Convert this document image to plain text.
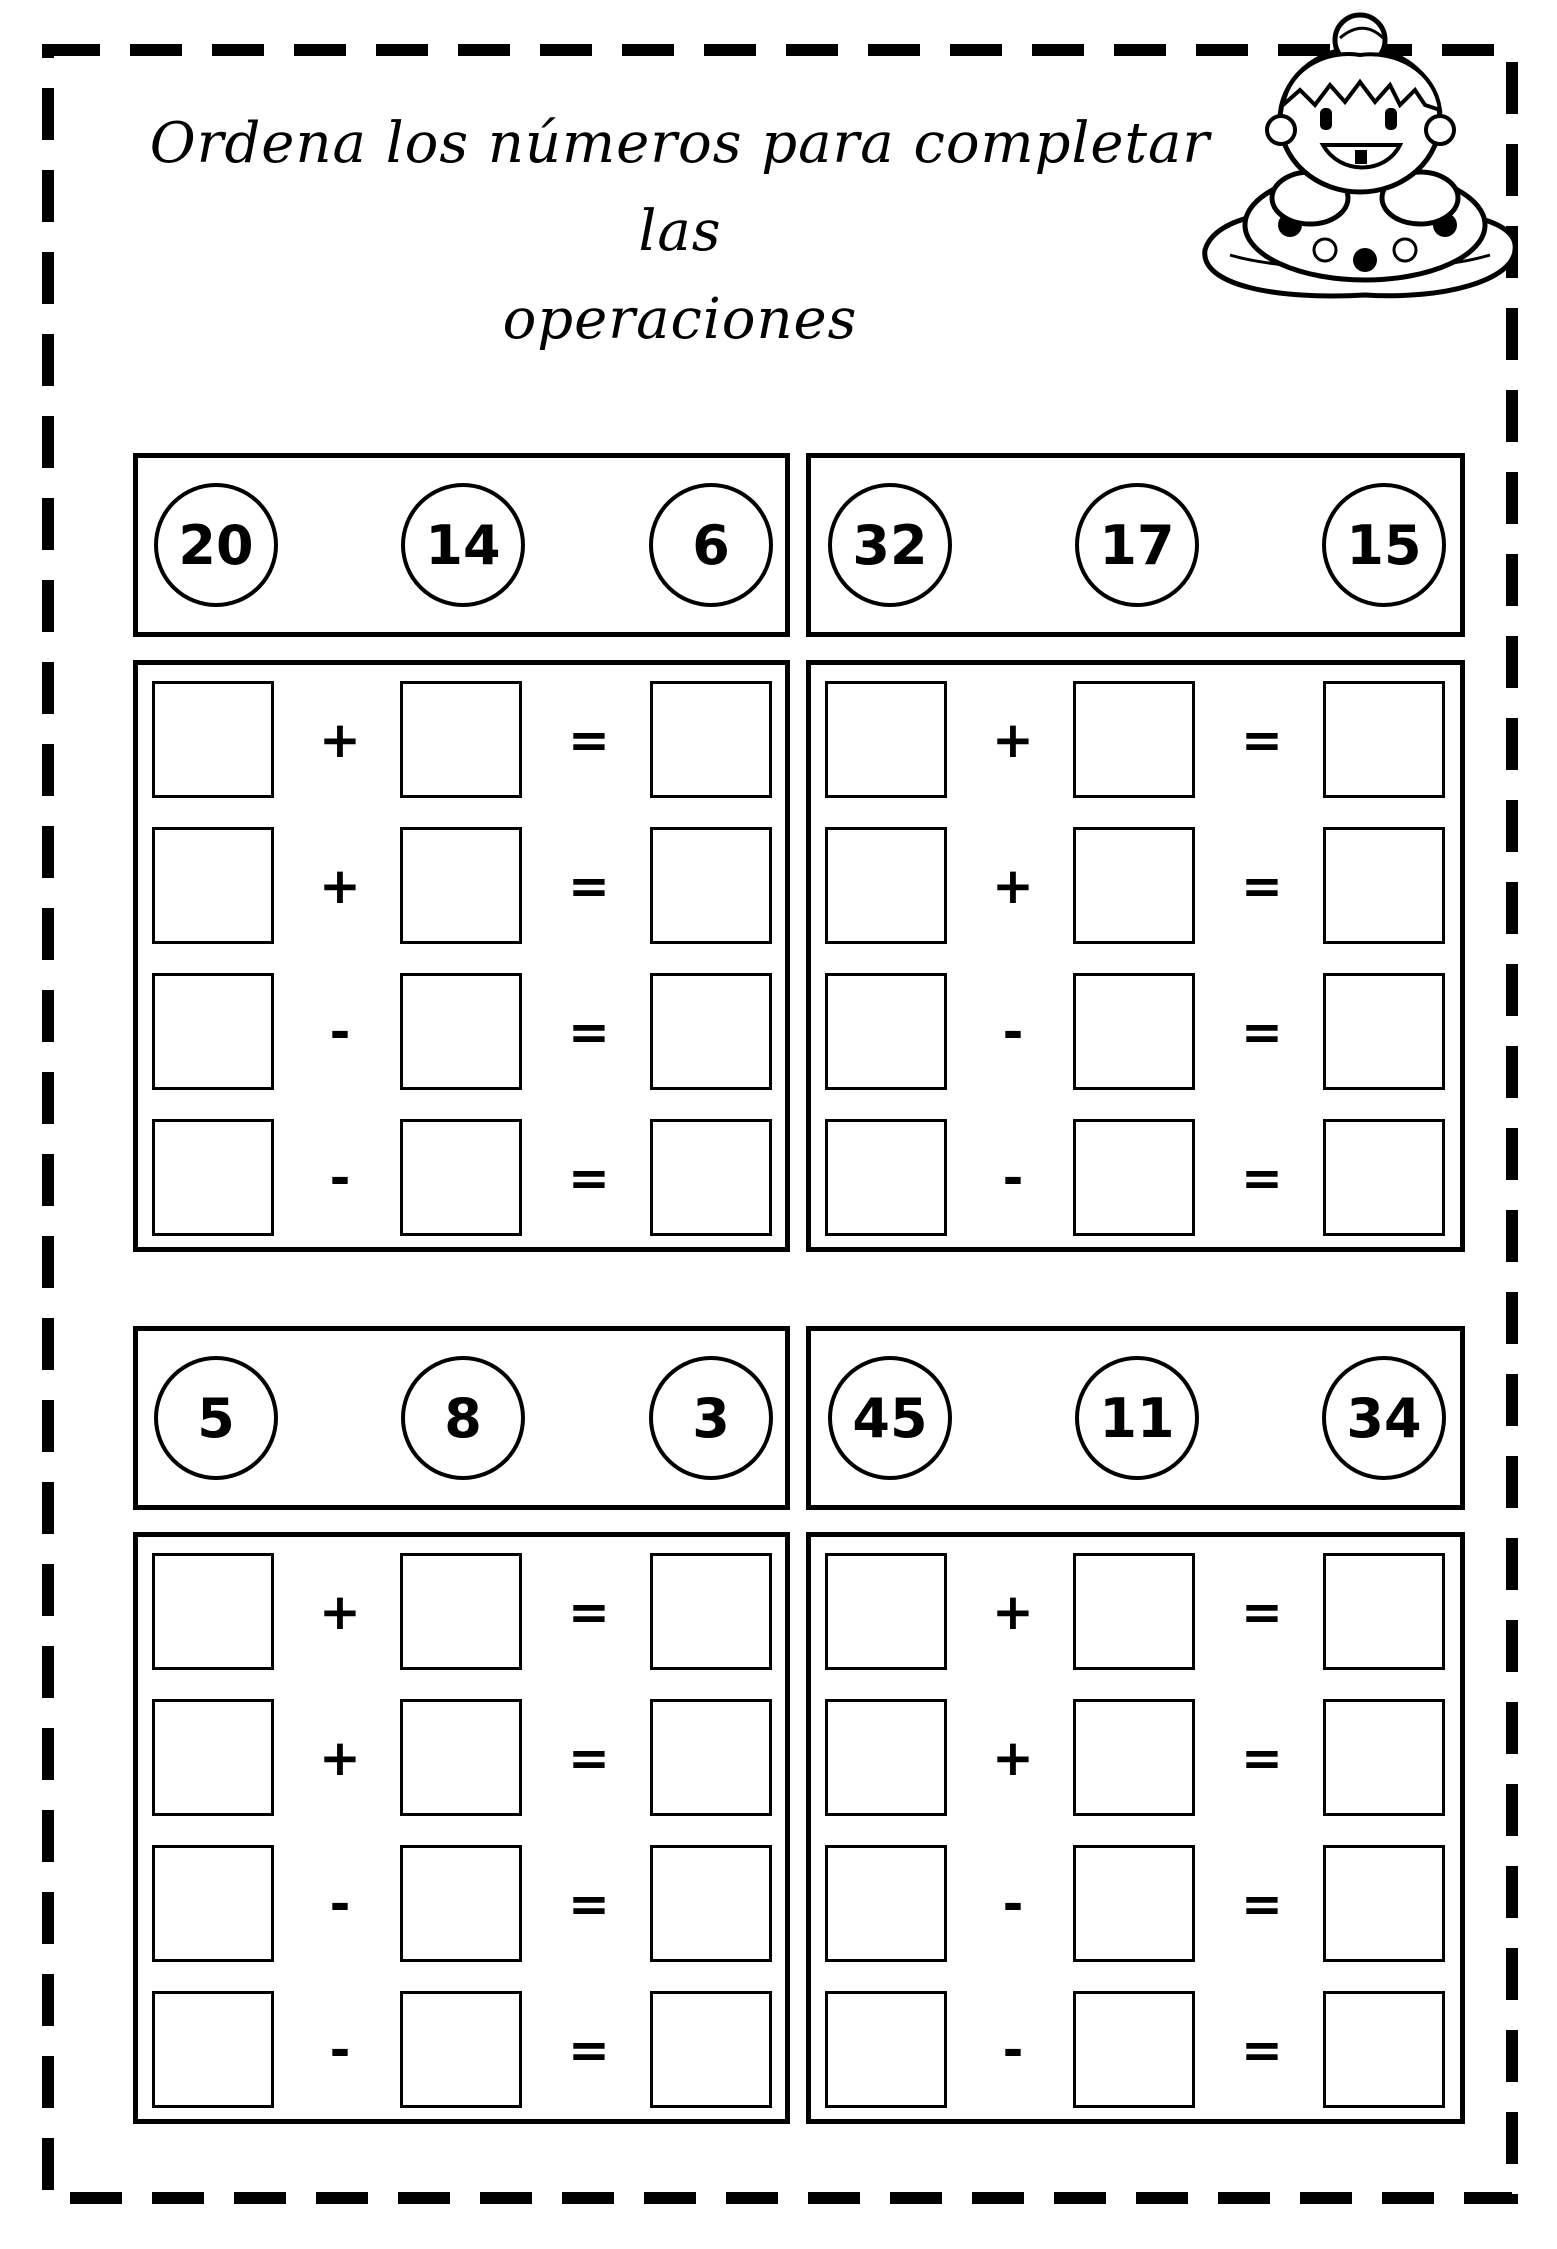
Ordena los números para completar las
operaciones
20	14	6	32	17	15
+	=
+	=
-	=
-	=
+	=
+	=
-	=
-	=
5	8	3	45	11	34
+	=
+	=
-	=
-	=
+	=
+	=
-	=
-	=
